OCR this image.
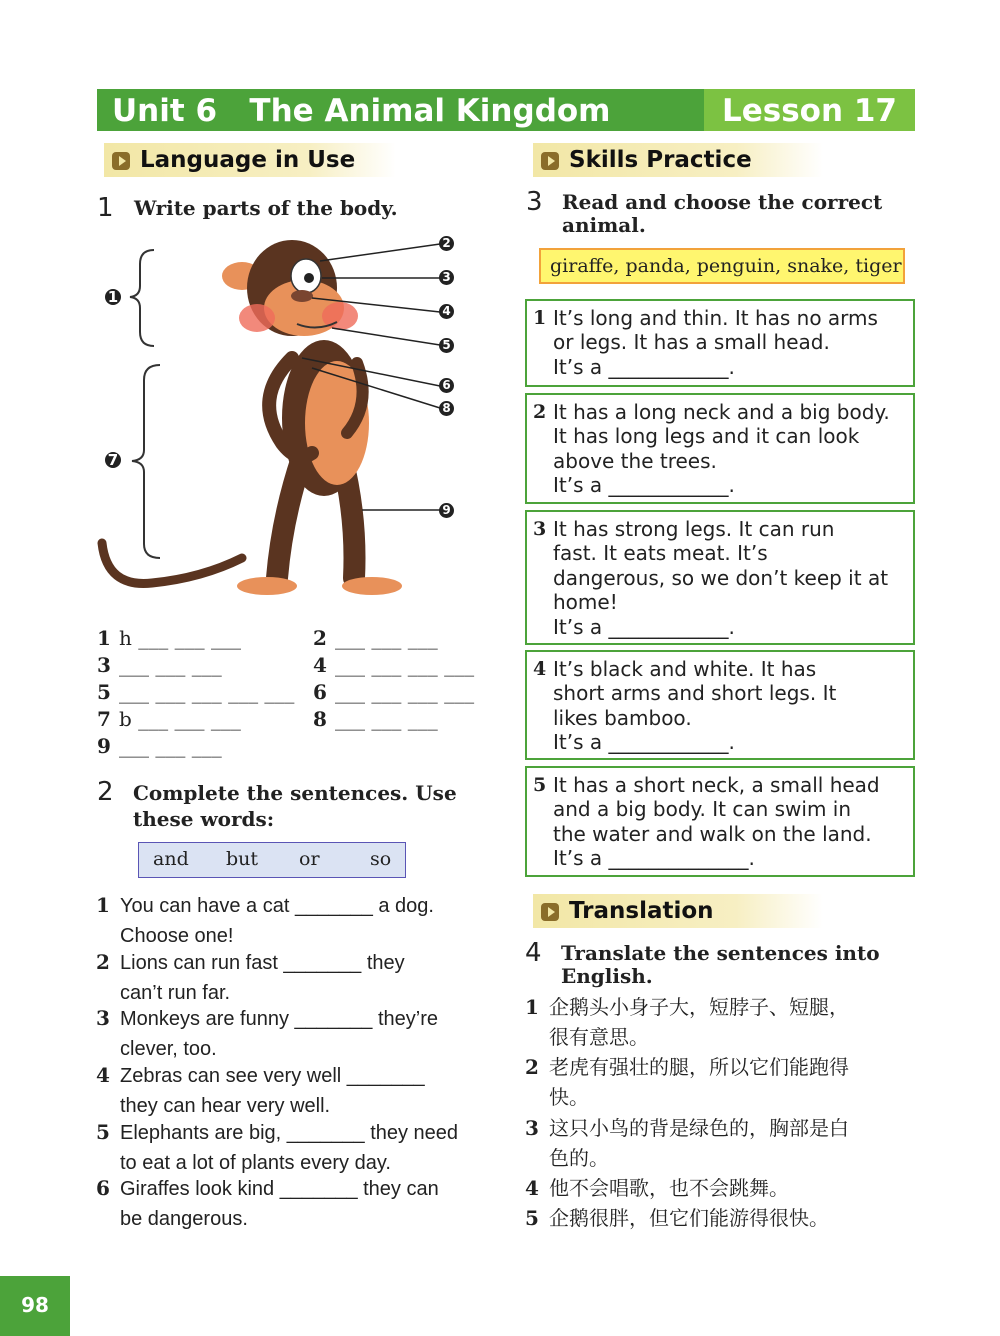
Unit 6   The Animal Kingdom	Lesson 17
Language in Use
1 Write parts of the body.
1
2
3
4
5
6
7
8
9
1 h ___ ___ ___	2 ___ ___ ___
3 ___ ___ ___	4 ___ ___ ___ ___
5 ___ ___ ___ ___ ___ 6 ___ ___ ___ ___
7 b ___ ___ ___	8 ___ ___ ___
9 ___ ___ ___
2 Complete the sentences. Use
these words:
and but or	so
1 You can have a cat _______ a dog.
Choose one!
2 Lions can run fast _______ they
can’t run far.
3 Monkeys are funny _______ they’re
clever, too.
4 Zebras can see very well _______
they can hear very well.
5 Elephants are big, _______ they need
to eat a lot of plants every day.
6 Giraffes look kind _______ they can
be dangerous.
Skills Practice
3 Read and choose the correct
animal.
giraffe, panda, penguin, snake, tiger
1 It’s long and thin. It has no arms
or legs. It has a small head.
It’s a ____________.
2 It has a long neck and a big body.
It has long legs and it can look
above the trees.
It’s a ____________.
3 It has strong legs. It can run
fast. It eats meat. It’s
dangerous, so we don’t keep it at
home!
It’s a ____________.
4 It’s black and white. It has
short arms and short legs. It
likes bamboo.
It’s a ____________.
5 It has a short neck, a small head
and a big body. It can swim in
the water and walk on the land.
It’s a ______________.
Translation
4 Translate the sentences into
English.
1 企鹅头小身子大，短脖子、短腿，
很有意思。
2 老虎有强壮的腿，所以它们能跑得
快。
3 这只小鸟的背是绿色的，胸部是白
色的。
4 他不会唱歌，也不会跳舞。
5 企鹅很胖，但它们能游得很快。
98
